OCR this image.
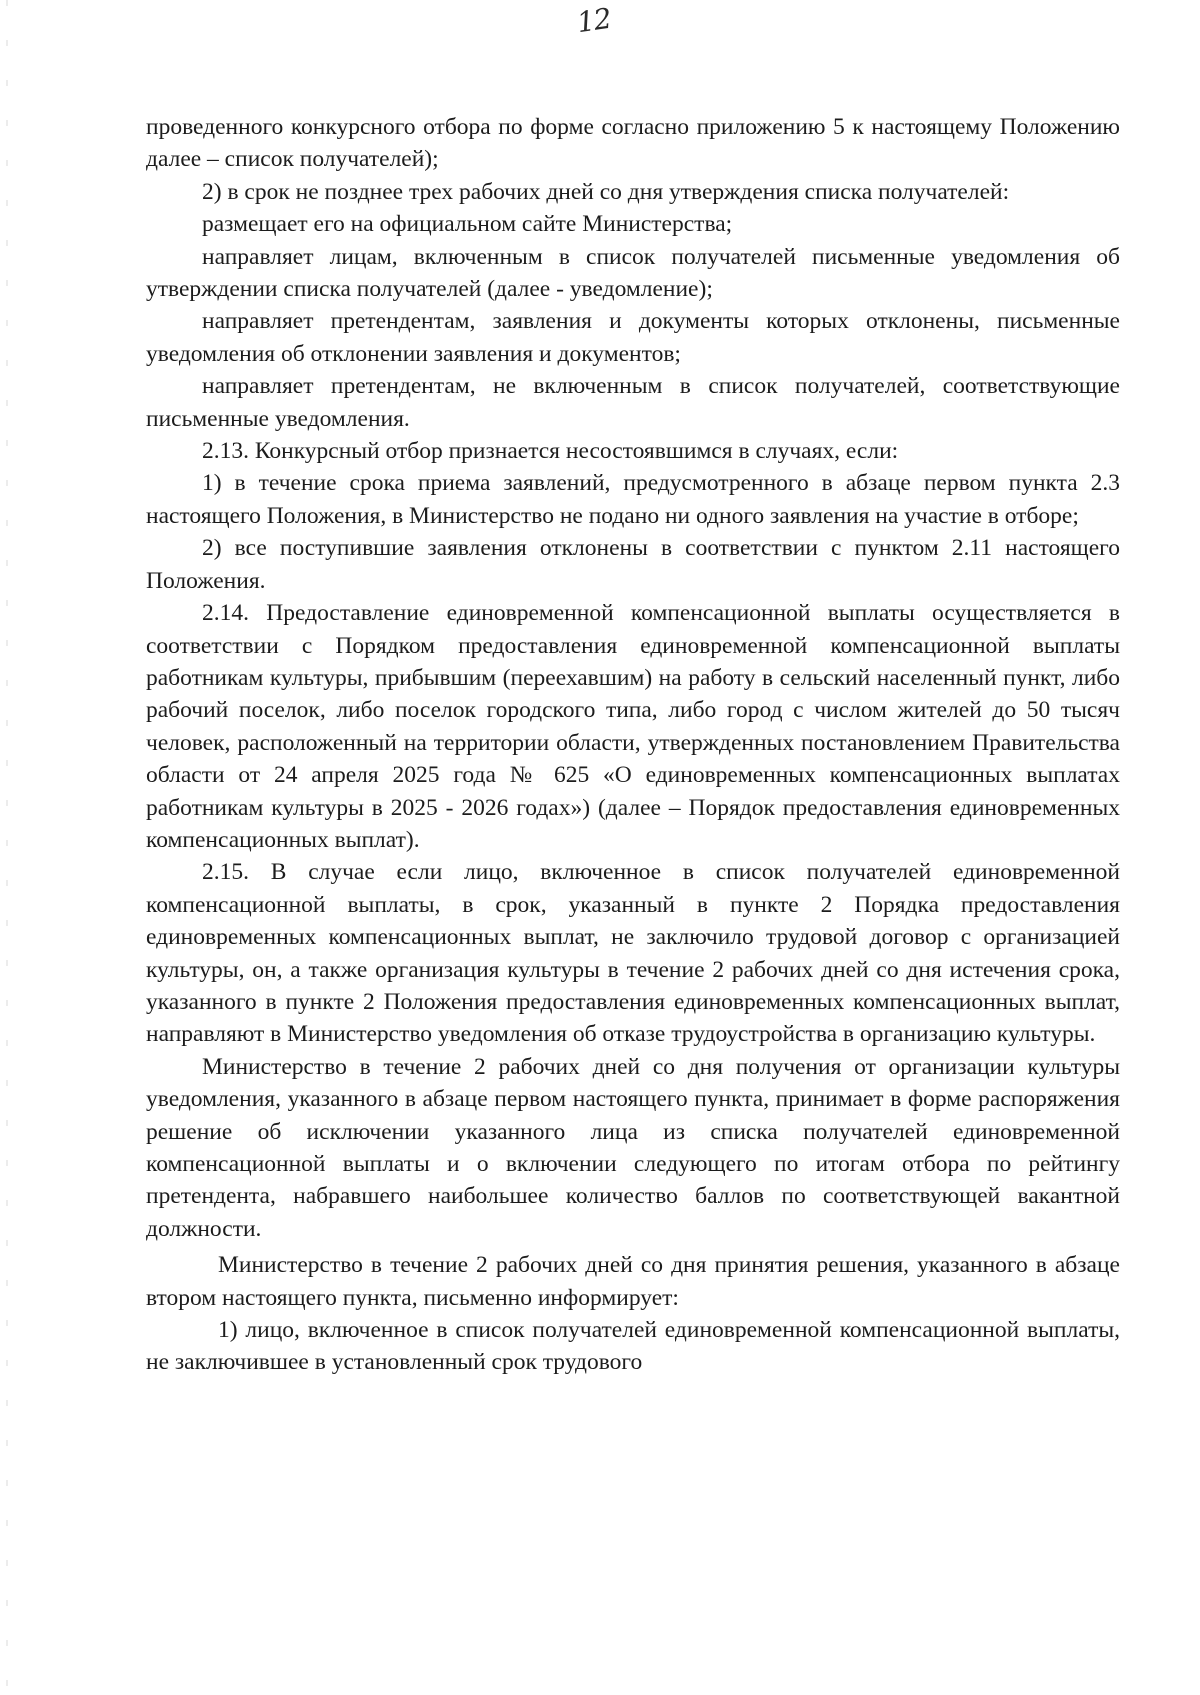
12

проведенного конкурсного отбора по форме согласно приложению 5 к настоящему Положению далее – список получателей);

2) в срок не позднее трех рабочих дней со дня утверждения списка получателей:

размещает его на официальном сайте Министерства;

направляет лицам, включенным в список получателей письменные уведомления об утверждении списка получателей (далее - уведомление);

направляет претендентам, заявления и документы которых отклонены, письменные уведомления об отклонении заявления и документов;

направляет претендентам, не включенным в список получателей, соответствующие письменные уведомления.

2.13. Конкурсный отбор признается несостоявшимся в случаях, если:

1) в течение срока приема заявлений, предусмотренного в абзаце первом пункта 2.3 настоящего Положения, в Министерство не подано ни одного заявления на участие в отборе;

2) все поступившие заявления отклонены в соответствии с пунктом 2.11 настоящего Положения.

2.14. Предоставление единовременной компенсационной выплаты осуществляется в соответствии с Порядком предоставления единовременной компенсационной выплаты работникам культуры, прибывшим (переехавшим) на работу в сельский населенный пункт, либо рабочий поселок, либо поселок городского типа, либо город с числом жителей до 50 тысяч человек, расположенный на территории области, утвержденных постановлением Правительства области от 24 апреля 2025 года № 625 «О единовременных компенсационных выплатах работникам культуры в 2025 - 2026 годах») (далее – Порядок предоставления единовременных компенсационных выплат).

2.15. В случае если лицо, включенное в список получателей единовременной компенсационной выплаты, в срок, указанный в пункте 2 Порядка предоставления единовременных компенсационных выплат, не заключило трудовой договор с организацией культуры, он, а также организация культуры в течение 2 рабочих дней со дня истечения срока, указанного в пункте 2 Положения предоставления единовременных компенсационных выплат, направляют в Министерство уведомления об отказе трудоустройства в организацию культуры.

Министерство в течение 2 рабочих дней со дня получения от организации культуры уведомления, указанного в абзаце первом настоящего пункта, принимает в форме распоряжения решение об исключении указанного лица из списка получателей единовременной компенсационной выплаты и о включении следующего по итогам отбора по рейтингу претендента, набравшего наибольшее количество баллов по соответствующей вакантной должности.

Министерство в течение 2 рабочих дней со дня принятия решения, указанного в абзаце втором настоящего пункта, письменно информирует:

1) лицо, включенное в список получателей единовременной компенсационной выплаты, не заключившее в установленный срок трудового
